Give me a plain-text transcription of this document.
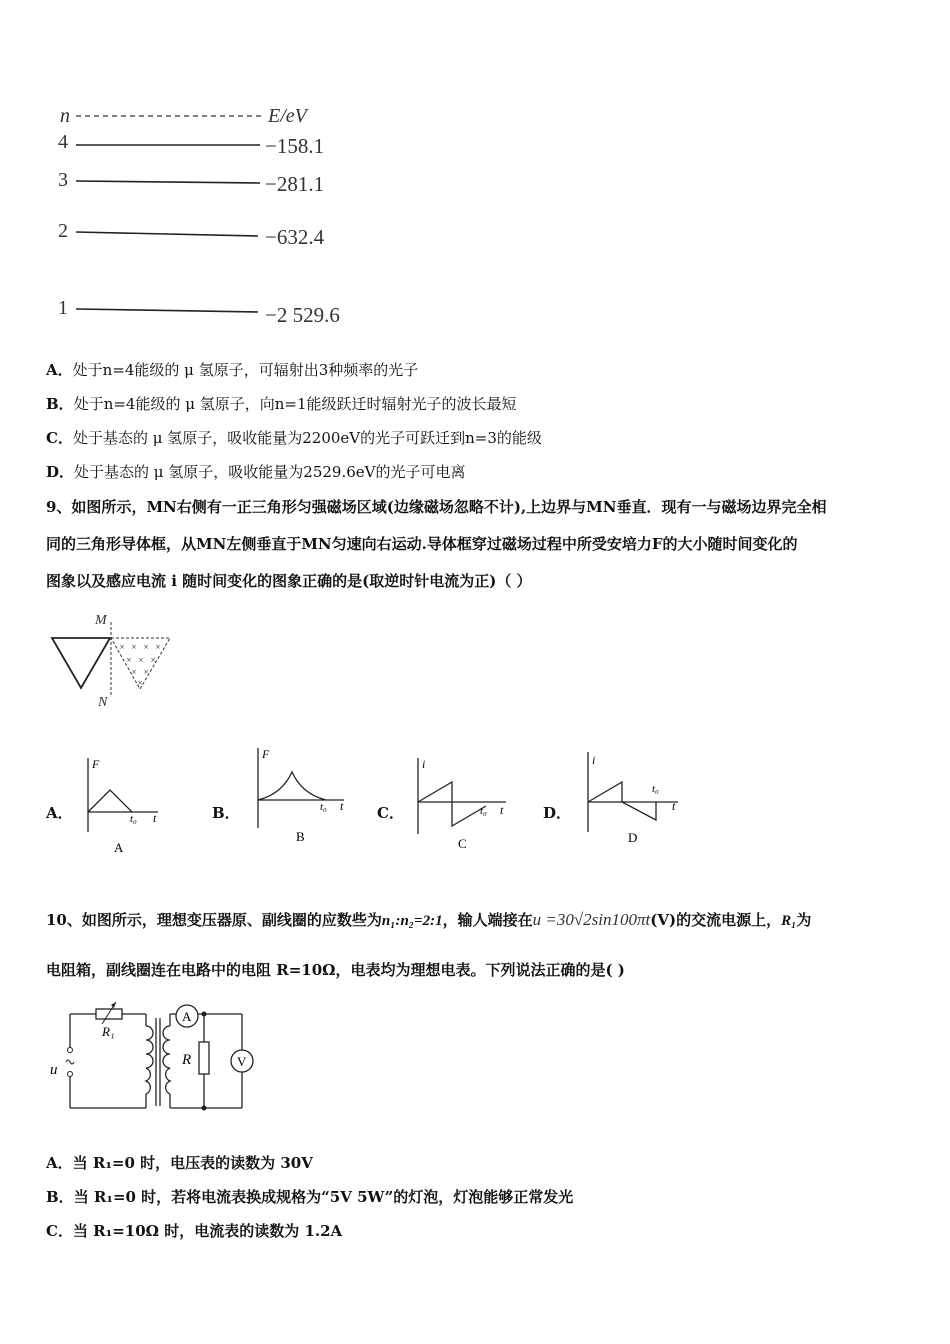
n	E/eV
4	−158.1
3	−281.1
2	−632.4
1	−2 529.6
A．处于n=4能级的 μ 氢原子，可辐射出3种频率的光子
B．处于n=4能级的 μ 氢原子，向n=1能级跃迁时辐射光子的波长最短
C．处于基态的 μ 氢原子，吸收能量为2200eV的光子可跃迁到n=3的能级
D．处于基态的 μ 氢原子，吸收能量为2529.6eV的光子可电离
9、如图所示，MN右侧有一正三角形匀强磁场区域(边缘磁场忽略不计),上边界与MN垂直．现有一与磁场边界完全相
同的三角形导体框，从MN左侧垂直于MN匀速向右运动.导体框穿过磁场过程中所受安培力F的大小随时间变化的
图象以及感应电流 i 随时间变化的图象正确的是(取逆时针电流为正)（ ）
M
N
× × × ×
× × ×
× ×
×
A．
F
t
t₀
A
B．
F
t
t₀
B
C．
i
t
t₀
C
D．
i
t
t₀
D
10、如图所示，理想变压器原、副线圈的应数些为n₁:n₂=2:1，输人端接在u =30√2sin100πt(V)的交流电源上，R₁为
电阻箱，副线圈连在电路中的电阻 R=10Ω，电表均为理想电表。下列说法正确的是( )
u
R₁
A
R	V
A．当 R₁=0 时，电压表的读数为 30V
B．当 R₁=0 时，若将电流表换成规格为“5V 5W”的灯泡，灯泡能够正常发光
C．当 R₁=10Ω 时，电流表的读数为 1.2A
